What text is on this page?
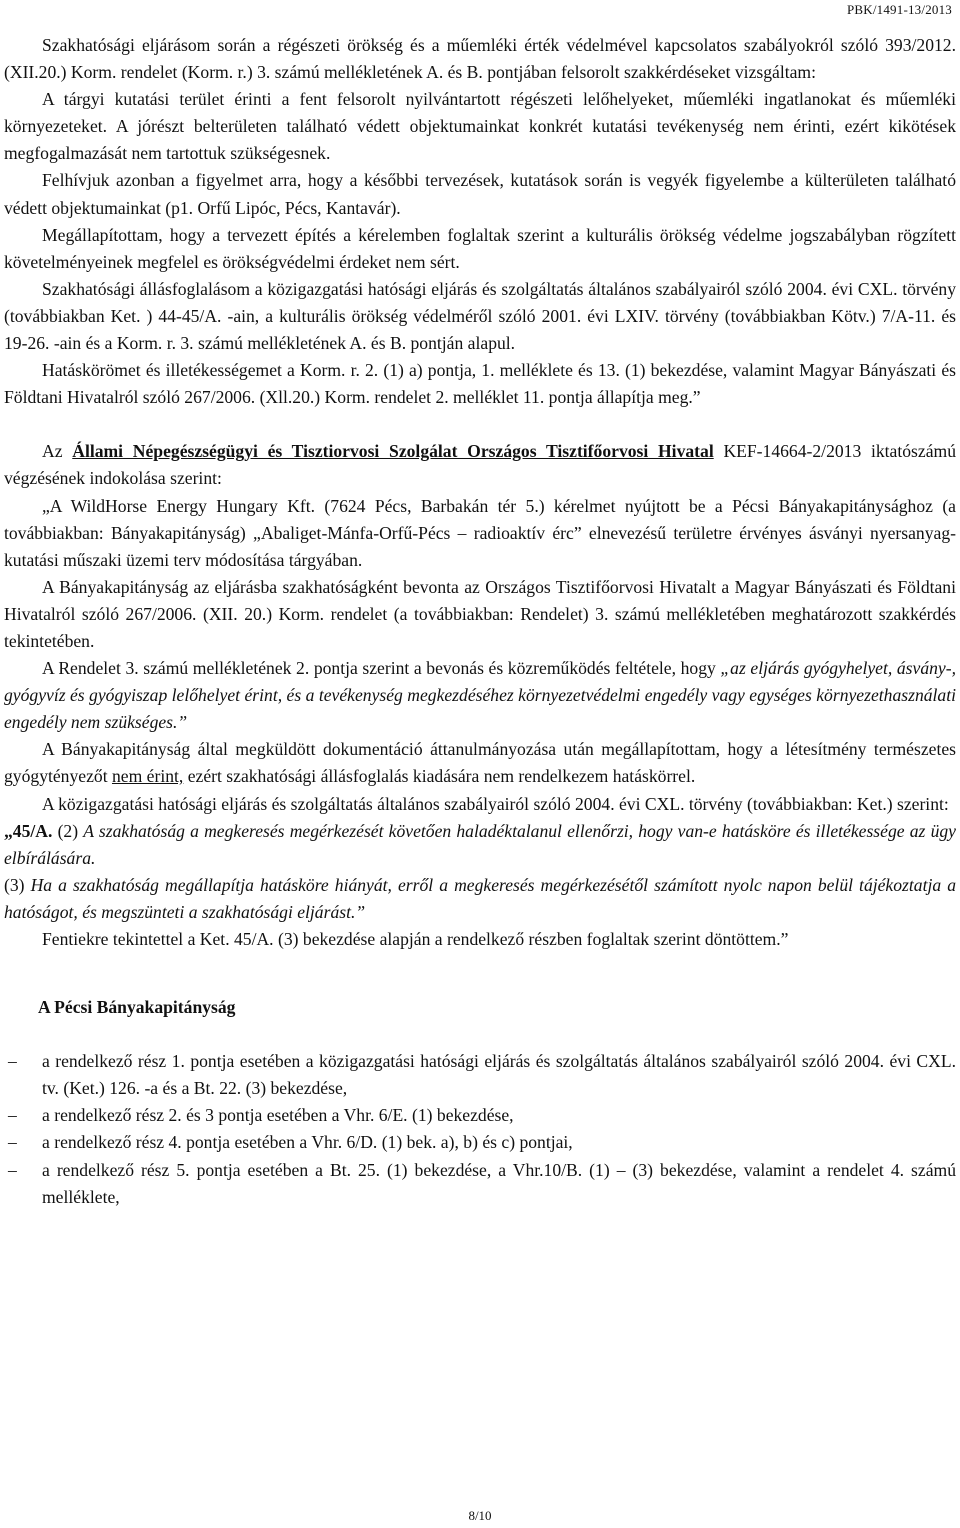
PBK/1491-13/2013

Szakhatósági eljárásom során a régészeti örökség és a műemléki érték védelmével kapcsolatos szabályokról szóló 393/2012. (XII.20.) Korm. rendelet (Korm. r.) 3. számú mellékletének A. és B. pontjában felsorolt szakkérdéseket vizsgáltam:

A tárgyi kutatási terület érinti a fent felsorolt nyilvántartott régészeti lelőhelyeket, műemléki ingatlanokat és műemléki környezeteket. A jórészt belterületen található védett objektumainkat konkrét kutatási tevékenység nem érinti, ezért kikötések megfogalmazását nem tartottuk szükségesnek.

Felhívjuk azonban a figyelmet arra, hogy a későbbi tervezések, kutatások során is vegyék figyelembe a külterületen található védett objektumainkat (p1. Orfű Lipóc, Pécs, Kantavár).

Megállapítottam, hogy a tervezett építés a kérelemben foglaltak szerint a kulturális örökség védelme jogszabályban rögzített követelményeinek megfelel es örökségvédelmi érdeket nem sért.

Szakhatósági állásfoglalásom a közigazgatási hatósági eljárás és szolgáltatás általános szabályairól szóló 2004. évi CXL. törvény (továbbiakban Ket. ) 44-45/A. -ain, a kulturális örökség védelméről szóló 2001. évi LXIV. törvény (továbbiakban Kötv.) 7/A-11. és 19-26. -ain és a Korm. r. 3. számú mellékletének A. és B. pontján alapul.

Hatáskörömet és illetékességemet a Korm. r. 2. (1) a) pontja, 1. melléklete és 13. (1) bekezdése, valamint Magyar Bányászati és Földtani Hivatalról szóló 267/2006. (Xll.20.) Korm. rendelet 2. melléklet 11. pontja állapítja meg.”

Az Állami Népegészségügyi és Tisztiorvosi Szolgálat Országos Tisztifőorvosi Hivatal KEF-14664-2/2013 iktatószámú végzésének indokolása szerint:

„A WildHorse Energy Hungary Kft. (7624 Pécs, Barbakán tér 5.) kérelmet nyújtott be a Pécsi Bányakapitánysághoz (a továbbiakban: Bányakapitányság) „Abaliget-Mánfa-Orfű-Pécs – radioaktív érc” elnevezésű területre érvényes ásványi nyersanyag-kutatási műszaki üzemi terv módosítása tárgyában.

A Bányakapitányság az eljárásba szakhatóságként bevonta az Országos Tisztifőorvosi Hivatalt a Magyar Bányászati és Földtani Hivatalról szóló 267/2006. (XII. 20.) Korm. rendelet (a továbbiakban: Rendelet) 3. számú mellékletében meghatározott szakkérdés tekintetében.

A Rendelet 3. számú mellékletének 2. pontja szerint a bevonás és közreműködés feltétele, hogy „az eljárás gyógyhelyet, ásvány-, gyógyvíz és gyógyiszap lelőhelyet érint, és a tevékenység megkezdéséhez környezetvédelmi engedély vagy egységes környezethasználati engedély nem szükséges.”

A Bányakapitányság által megküldött dokumentáció áttanulmányozása után megállapítottam, hogy a létesítmény természetes gyógytényezőt nem érint, ezért szakhatósági állásfoglalás kiadására nem rendelkezem hatáskörrel.

A közigazgatási hatósági eljárás és szolgáltatás általános szabályairól szóló 2004. évi CXL. törvény (továbbiakban: Ket.) szerint:

„45/A. (2) A szakhatóság a megkeresés megérkezését követően haladéktalanul ellenőrzi, hogy van-e hatásköre és illetékessége az ügy elbírálására.

(3) Ha a szakhatóság megállapítja hatásköre hiányát, erről a megkeresés megérkezésétől számított nyolc napon belül tájékoztatja a hatóságot, és megszünteti a szakhatósági eljárást.”

Fentiekre tekintettel a Ket. 45/A. (3) bekezdése alapján a rendelkező részben foglaltak szerint döntöttem.”

A Pécsi Bányakapitányság

– a rendelkező rész 1. pontja esetében a közigazgatási hatósági eljárás és szolgáltatás általános szabályairól szóló 2004. évi CXL. tv. (Ket.) 126. -a és a Bt. 22. (3) bekezdése,
– a rendelkező rész 2. és 3 pontja esetében a Vhr. 6/E. (1) bekezdése,
– a rendelkező rész 4. pontja esetében a Vhr. 6/D. (1) bek. a), b) és c) pontjai,
– a rendelkező rész 5. pontja esetében a Bt. 25. (1) bekezdése, a Vhr.10/B. (1) – (3) bekezdése, valamint a rendelet 4. számú melléklete,
8/10
